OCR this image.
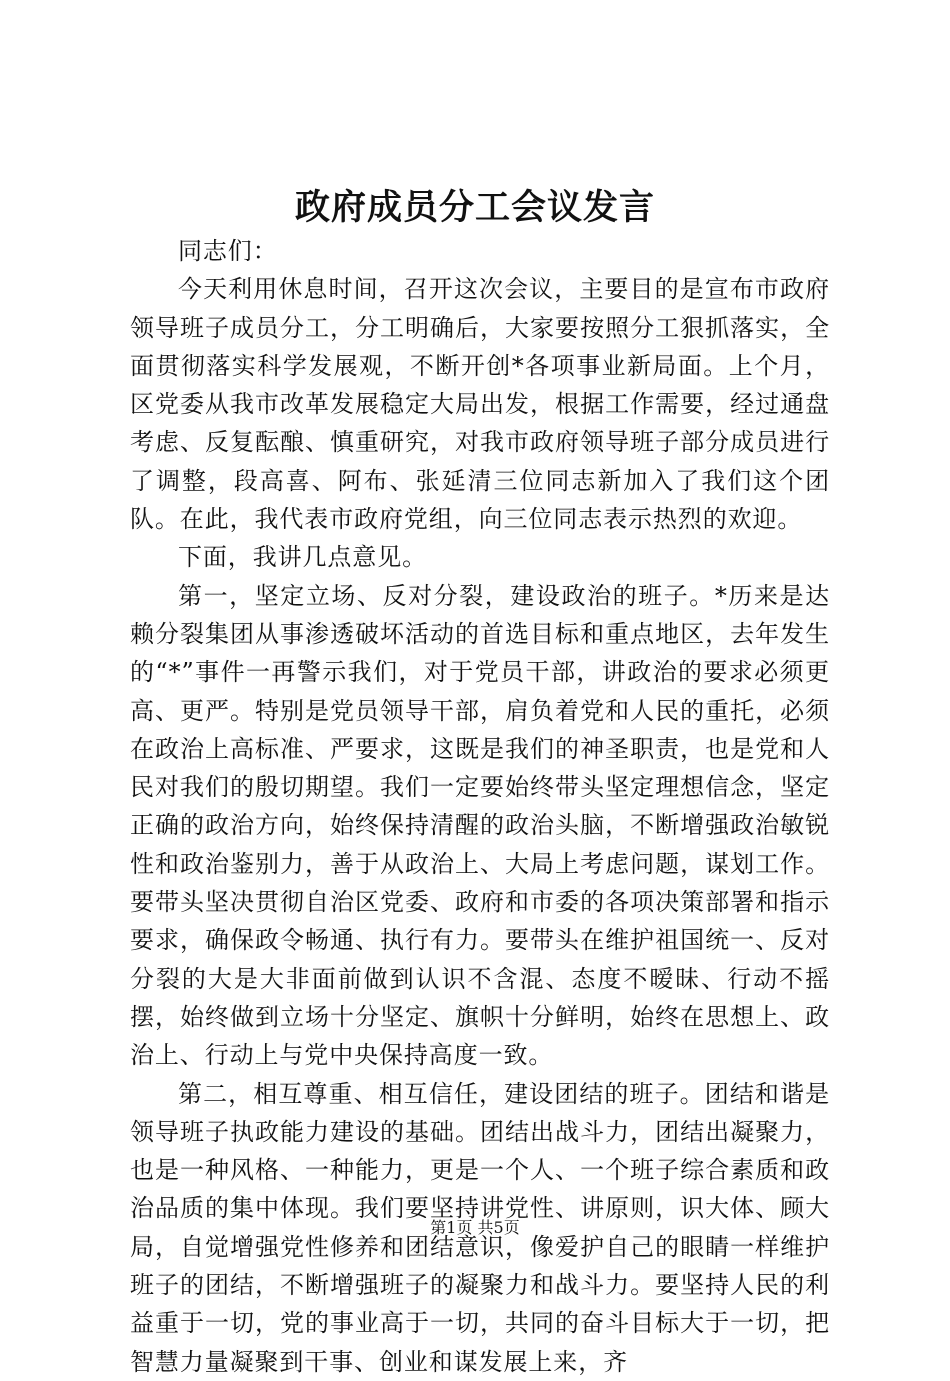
政府成员分工会议发言

同志们：

今天利用休息时间，召开这次会议，主要目的是宣布市政府领导班子成员分工，分工明确后，大家要按照分工狠抓落实，全面贯彻落实科学发展观，不断开创*各项事业新局面。上个月，区党委从我市改革发展稳定大局出发，根据工作需要，经过通盘考虑、反复酝酿、慎重研究，对我市政府领导班子部分成员进行了调整，段高喜、阿布、张延清三位同志新加入了我们这个团队。在此，我代表市政府党组，向三位同志表示热烈的欢迎。

下面，我讲几点意见。

第一，坚定立场、反对分裂，建设政治的班子。*历来是达赖分裂集团从事渗透破坏活动的首选目标和重点地区，去年发生的“*”事件一再警示我们，对于党员干部，讲政治的要求必须更高、更严。特别是党员领导干部，肩负着党和人民的重托，必须在政治上高标准、严要求，这既是我们的神圣职责，也是党和人民对我们的殷切期望。我们一定要始终带头坚定理想信念，坚定正确的政治方向，始终保持清醒的政治头脑，不断增强政治敏锐性和政治鉴别力，善于从政治上、大局上考虑问题，谋划工作。要带头坚决贯彻自治区党委、政府和市委的各项决策部署和指示要求，确保政令畅通、执行有力。要带头在维护祖国统一、反对分裂的大是大非面前做到认识不含混、态度不暧昧、行动不摇摆，始终做到立场十分坚定、旗帜十分鲜明，始终在思想上、政治上、行动上与党中央保持高度一致。

第二，相互尊重、相互信任，建设团结的班子。团结和谐是领导班子执政能力建设的基础。团结出战斗力，团结出凝聚力，也是一种风格、一种能力，更是一个人、一个班子综合素质和政治品质的集中体现。我们要坚持讲党性、讲原则，识大体、顾大局，自觉增强党性修养和团结意识，像爱护自己的眼睛一样维护班子的团结，不断增强班子的凝聚力和战斗力。要坚持人民的利益重于一切，党的事业高于一切，共同的奋斗目标大于一切，把智慧力量凝聚到干事、创业和谋发展上来，齐

第1页 共5页
